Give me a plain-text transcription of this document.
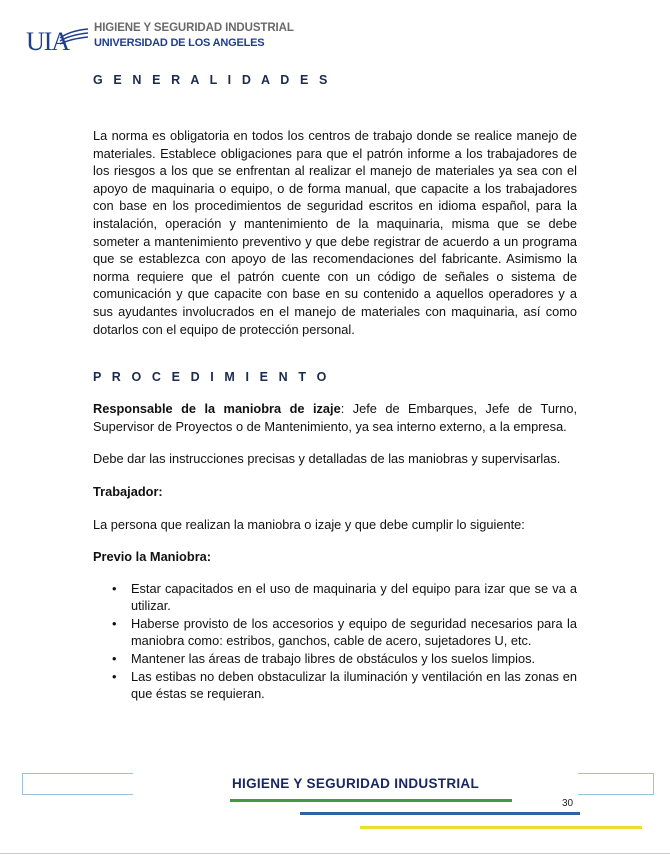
UIA HIGIENE Y SEGURIDAD INDUSTRIAL
UNIVERSIDAD DE LOS ANGELES
G E N E R A L I D A D E S

La norma es obligatoria en todos los centros de trabajo donde se realice manejo de materiales. Establece obligaciones para que el patrón informe a los trabajadores de los riesgos a los que se enfrentan al realizar el manejo de materiales ya sea con el apoyo de maquinaria o equipo, o de forma manual, que capacite a los trabajadores con base en los procedimientos de seguridad escritos en idioma español, para la instalación, operación y mantenimiento de la maquinaria, misma que se debe someter a mantenimiento preventivo y que debe registrar de acuerdo a un programa que se establezca con apoyo de las recomendaciones del fabricante. Asimismo la norma requiere que el patrón cuente con un código de señales o sistema de comunicación y que capacite con base en su contenido a aquellos operadores y a sus ayudantes involucrados en el manejo de materiales con maquinaria, así como dotarlos con el equipo de protección personal.

P R O C E D I M I E N T O

Responsable de la maniobra de izaje: Jefe de Embarques, Jefe de Turno, Supervisor de Proyectos o de Mantenimiento, ya sea interno externo, a la empresa.

Debe dar las instrucciones precisas y detalladas de las maniobras y supervisarlas.

Trabajador:

La persona que realizan la maniobra o izaje y que debe cumplir lo siguiente:

Previo la Maniobra:

• Estar capacitados en el uso de maquinaria y del equipo para izar que se va a utilizar.
• Haberse provisto de los accesorios y equipo de seguridad necesarios para la maniobra como: estribos, ganchos, cable de acero, sujetadores U, etc.
• Mantener las áreas de trabajo libres de obstáculos y los suelos limpios.
• Las estibas no deben obstaculizar la iluminación y ventilación en las zonas en que éstas se requieran.
HIGIENE Y SEGURIDAD INDUSTRIAL
30
